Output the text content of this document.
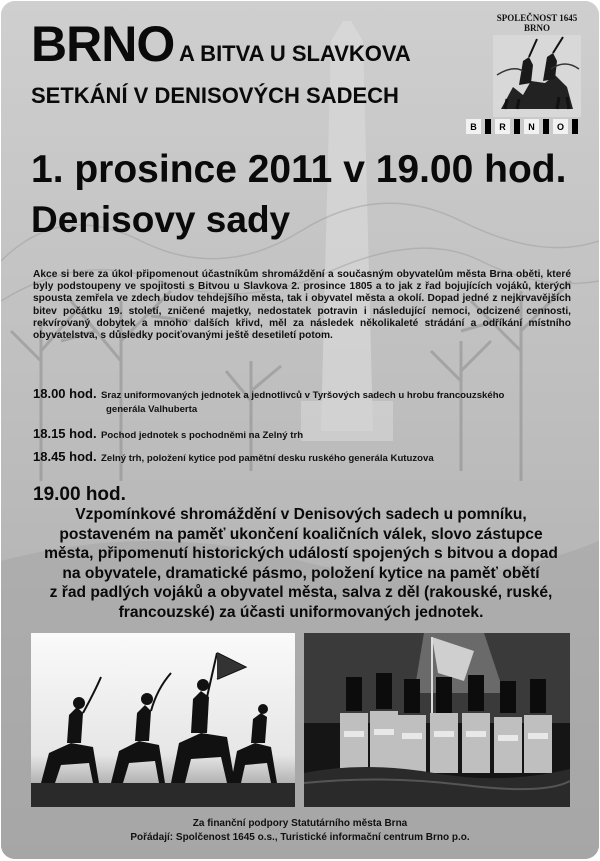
BRNO A BITVA U SLAVKOVA
SETKÁNÍ V DENISOVÝCH SADECH
SPOLEČNOST 1645
BRNO
B	R	N	O
1. prosince 2011 v 19.00 hod.
Denisovy sady
Akce si bere za úkol připomenout účastníkům shromáždění a současným obyvatelům města Brna oběti, které byly podstoupeny ve spojitosti s Bitvou u Slavkova 2. prosince 1805 a to jak z řad bojujících vojáků, kterých spousta zemřela ve zdech budov tehdejšího města, tak i obyvatel města a okolí. Dopad jedné z nejkrvavějších bitev počátku 19. století, zničené majetky, nedostatek potravin i následující nemoci, odcizené cennosti, rekvírovaný dobytek a mnoho dalších křivd, měl za následek několikaleté strádání a odříkání místního obyvatelstva, s důsledky pociťovanými ještě desetiletí potom.
18.00 hod. Sraz uniformovaných jednotek a jednotlivců v Tyršových sadech u hrobu francouzského
generála Valhuberta
18.15 hod. Pochod jednotek s pochodněmi na Zelný trh
18.45 hod. Zelný trh, položení kytice pod pamětní desku ruského generála Kutuzova
19.00 hod.
Vzpomínkové shromáždění v Denisových sadech u pomníku,
postaveném na paměť ukončení koaličních válek, slovo zástupce
města, připomenutí historických událostí spojených s bitvou a dopad
na obyvatele, dramatické pásmo, položení kytice na paměť obětí
z řad padlých vojáků a obyvatel města, salva z děl (rakouské, ruské,
francouzské) za účasti uniformovaných jednotek.
Za finanční podpory Statutárního města Brna
Pořádají: Spolčenost 1645 o.s., Turistické informační centrum Brno p.o.
